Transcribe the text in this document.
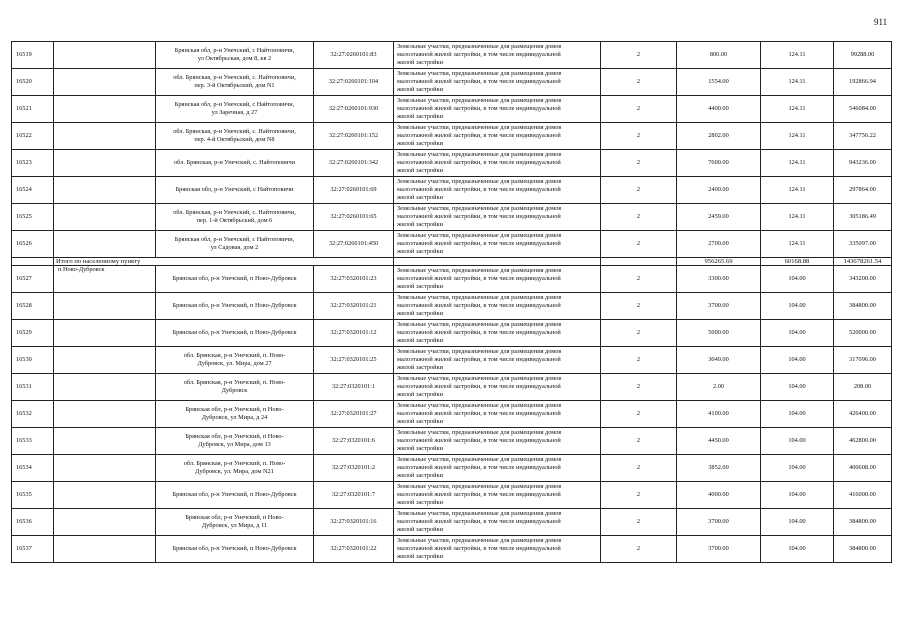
911
16519		Брянская обл, р-н Унечский, с Найтоповичи,
ул Октябрьская, дом 8, кв 2	32:27:0260101:83	Земельные участки, предназначенные для размещения домов
малоэтажной жилой застройки, в том числе индивидуальной
жилой застройки	2	800.00	124.11	99288.00
16520		обл. Брянская, р-н Унечский, с. Найтоповичи,
пер. 3-й Октябрьский, дом N1	32:27:0260101:104	Земельные участки, предназначенные для размещения домов
малоэтажной жилой застройки, в том числе индивидуальной
жилой застройки	2	1554.00	124.11	192866.94
16521		Брянская обл, р-н Унечский, с Найтоповичи,
ул Заречная, д 27	32:27:0260101:930	Земельные участки, предназначенные для размещения домов
малоэтажной жилой застройки, в том числе индивидуальной
жилой застройки	2	4400.00	124.11	546084.00
16522		обл. Брянская, р-н Унечский, с. Найтоповичи,
пер. 4-й Октябрьский, дом N8	32:27:0260101:152	Земельные участки, предназначенные для размещения домов
малоэтажной жилой застройки, в том числе индивидуальной
жилой застройки	2	2802.00	124.11	347756.22
16523		обл. Брянская, р-н Унечский, с. Найтоповичи	32:27:0260101:342	Земельные участки, предназначенные для размещения домов
малоэтажной жилой застройки, в том числе индивидуальной
жилой застройки	2	7600.00	124.11	943236.00
16524		Брянская обл, р-н Унечский, с Найтоповичи	32:27:0260101:69	Земельные участки, предназначенные для размещения домов
малоэтажной жилой застройки, в том числе индивидуальной
жилой застройки	2	2400.00	124.11	297864.00
16525		обл. Брянская, р-н Унечский, с. Найтоповичи,
пер. 1-й Октябрьский, дом 6	32:27:0260101:65	Земельные участки, предназначенные для размещения домов
малоэтажной жилой застройки, в том числе индивидуальной
жилой застройки	2	2459.00	124.11	305186.49
16526		Брянская обл, р-н Унечский, с Найтоповичи,
ул Садовая, дом 2	32:27:0260101:450	Земельные участки, предназначенные для размещения домов
малоэтажной жилой застройки, в том числе индивидуальной
жилой застройки	2	2700.00	124.11	335097.00
	Итого по населенному пункту					956265.69	60168.88	143678261.54
16527	п Ново-Дубровск	Брянская обл, р-н Унечский, п Ново-Дубровск	32:27:0320101:23	Земельные участки, предназначенные для размещения домов
малоэтажной жилой застройки, в том числе индивидуальной
жилой застройки	2	3300.00	104.00	343200.00
16528		Брянская обл, р-н Унечский, п Ново-Дубровск	32:27:0320101:21	Земельные участки, предназначенные для размещения домов
малоэтажной жилой застройки, в том числе индивидуальной
жилой застройки	2	3700.00	104.00	384800.00
16529		Брянская обл, р-н Унечский, п Ново-Дубровск	32:27:0320101:12	Земельные участки, предназначенные для размещения домов
малоэтажной жилой застройки, в том числе индивидуальной
жилой застройки	2	5000.00	104.00	520000.00
16530		обл. Брянская, р-н Унечский, п. Ново-
Дубровск, ул. Мира, дом 27	32:27:0320101:25	Земельные участки, предназначенные для размещения домов
малоэтажной жилой застройки, в том числе индивидуальной
жилой застройки	2	3049.00	104.00	317096.00
16531		обл. Брянская, р-н Унечский, п. Ново-
Дубровск	32:27:0320101:1	Земельные участки, предназначенные для размещения домов
малоэтажной жилой застройки, в том числе индивидуальной
жилой застройки	2	2.00	104.00	208.00
16532		Брянская обл, р-н Унечский, п Ново-
Дубровск, ул Мира, д 24	32:27:0320101:27	Земельные участки, предназначенные для размещения домов
малоэтажной жилой застройки, в том числе индивидуальной
жилой застройки	2	4100.00	104.00	426400.00
16533		Брянская обл, р-н Унечский, п Ново-
Дубровск, ул Мира, дом 13	32:27:0320101:6	Земельные участки, предназначенные для размещения домов
малоэтажной жилой застройки, в том числе индивидуальной
жилой застройки	2	4450.00	104.00	462800.00
16534		обл. Брянская, р-н Унечский, п. Ново-
Дубровск, ул. Мира, дом N21	32:27:0320101:2	Земельные участки, предназначенные для размещения домов
малоэтажной жилой застройки, в том числе индивидуальной
жилой застройки	2	3852.00	104.00	400608.00
16535		Брянская обл, р-н Унечский, п Ново-Дубровск	32:27:0320101:7	Земельные участки, предназначенные для размещения домов
малоэтажной жилой застройки, в том числе индивидуальной
жилой застройки	2	4000.00	104.00	416000.00
16536		Брянская обл, р-н Унечский, п Ново-
Дубровск, ул Мира, д 11	32:27:0320101:16	Земельные участки, предназначенные для размещения домов
малоэтажной жилой застройки, в том числе индивидуальной
жилой застройки	2	3700.00	104.00	384800.00
16537		Брянская обл, р-н Унечский, п Ново-Дубровск	32:27:0320101:22	Земельные участки, предназначенные для размещения домов
малоэтажной жилой застройки, в том числе индивидуальной
жилой застройки	2	3700.00	104.00	384800.00
